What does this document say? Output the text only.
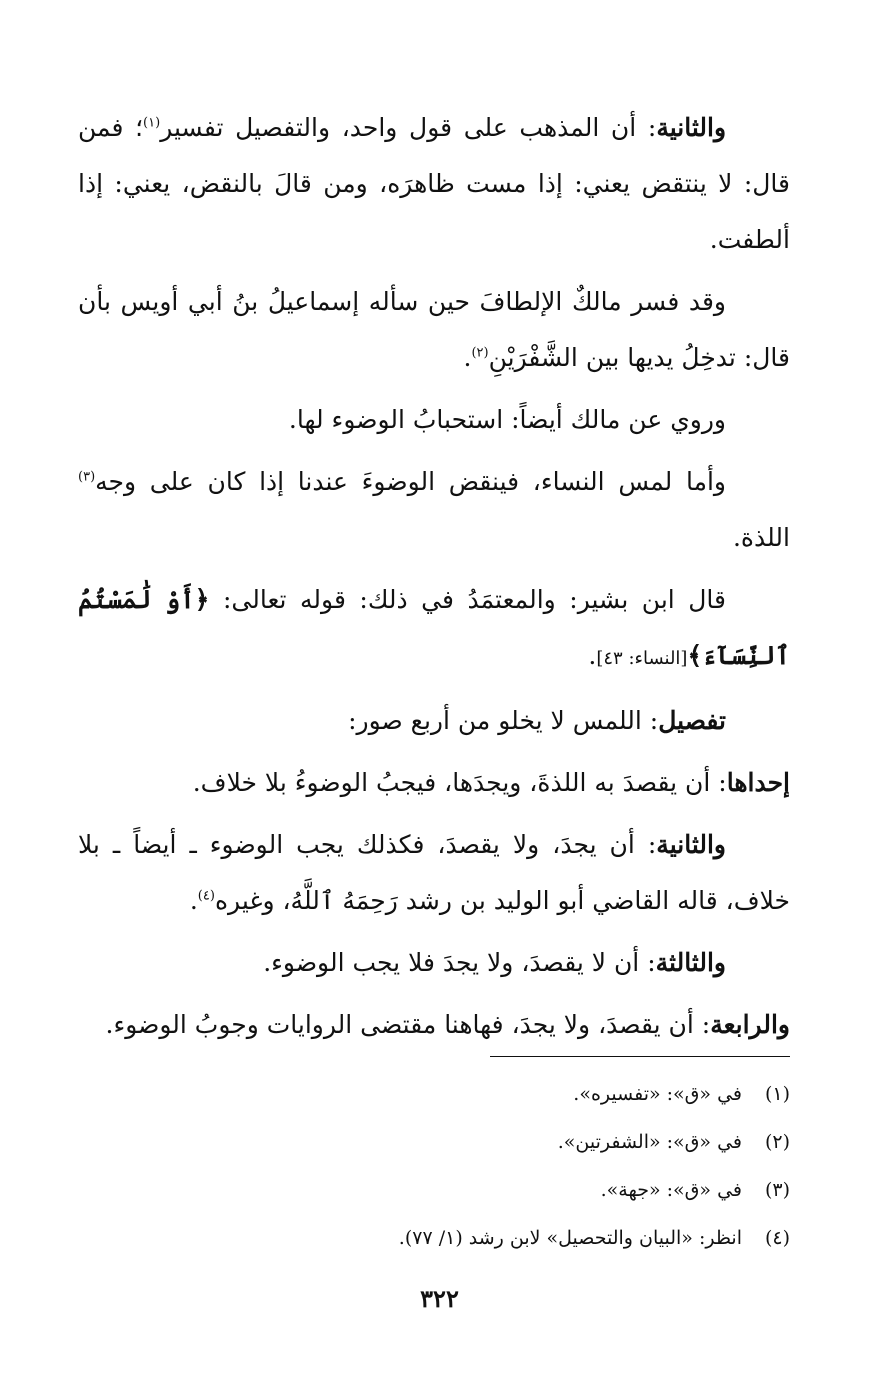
والثانية: أن المذهب على قول واحد، والتفصيل تفسير$^{(١)}$؛ فمن قال: لا ينتقض يعني: إذا مست ظاهرَه، ومن قالَ بالنقض، يعني: إذا ألطفت.

وقد فسر مالكٌ الإلطافَ حين سأله إسماعيلُ بنُ أبي أويس بأن قال: تدخِلُ يديها بين الشَّفْرَيْنِ$^{(٢)}$.

وروي عن مالك أيضاً: استحبابُ الوضوء لها.

وأما لمس النساء، فينقض الوضوءَ عندنا إذا كان على وجه$^{(٣)}$ اللذة.

قال ابن بشير: والمعتمَدُ في ذلك: قوله تعالى: ﴿أَوْ لَٰمَسْتُمُ ٱلنِّسَآءَ﴾[النساء: ٤٣].

تفصيل: اللمس لا يخلو من أربع صور:

إحداها: أن يقصدَ به اللذةَ، ويجدَها، فيجبُ الوضوءُ بلا خلاف.

والثانية: أن يجدَ، ولا يقصدَ، فكذلك يجب الوضوء ـ أيضاً ـ بلا خلاف، قاله القاضي أبو الوليد بن رشد رَحِمَهُ ٱللَّهُ، وغيره$^{(٤)}$.

والثالثة: أن لا يقصدَ، ولا يجدَ فلا يجب الوضوء.

والرابعة: أن يقصدَ، ولا يجدَ، فهاهنا مقتضى الروايات وجوبُ الوضوء.

(١)
في «ق»: «تفسيره».
(٢)
في «ق»: «الشفرتين».
(٣)
في «ق»: «جهة».
(٤)
انظر: «البيان والتحصيل» لابن رشد (١/ ٧٧).
٣٢٢
